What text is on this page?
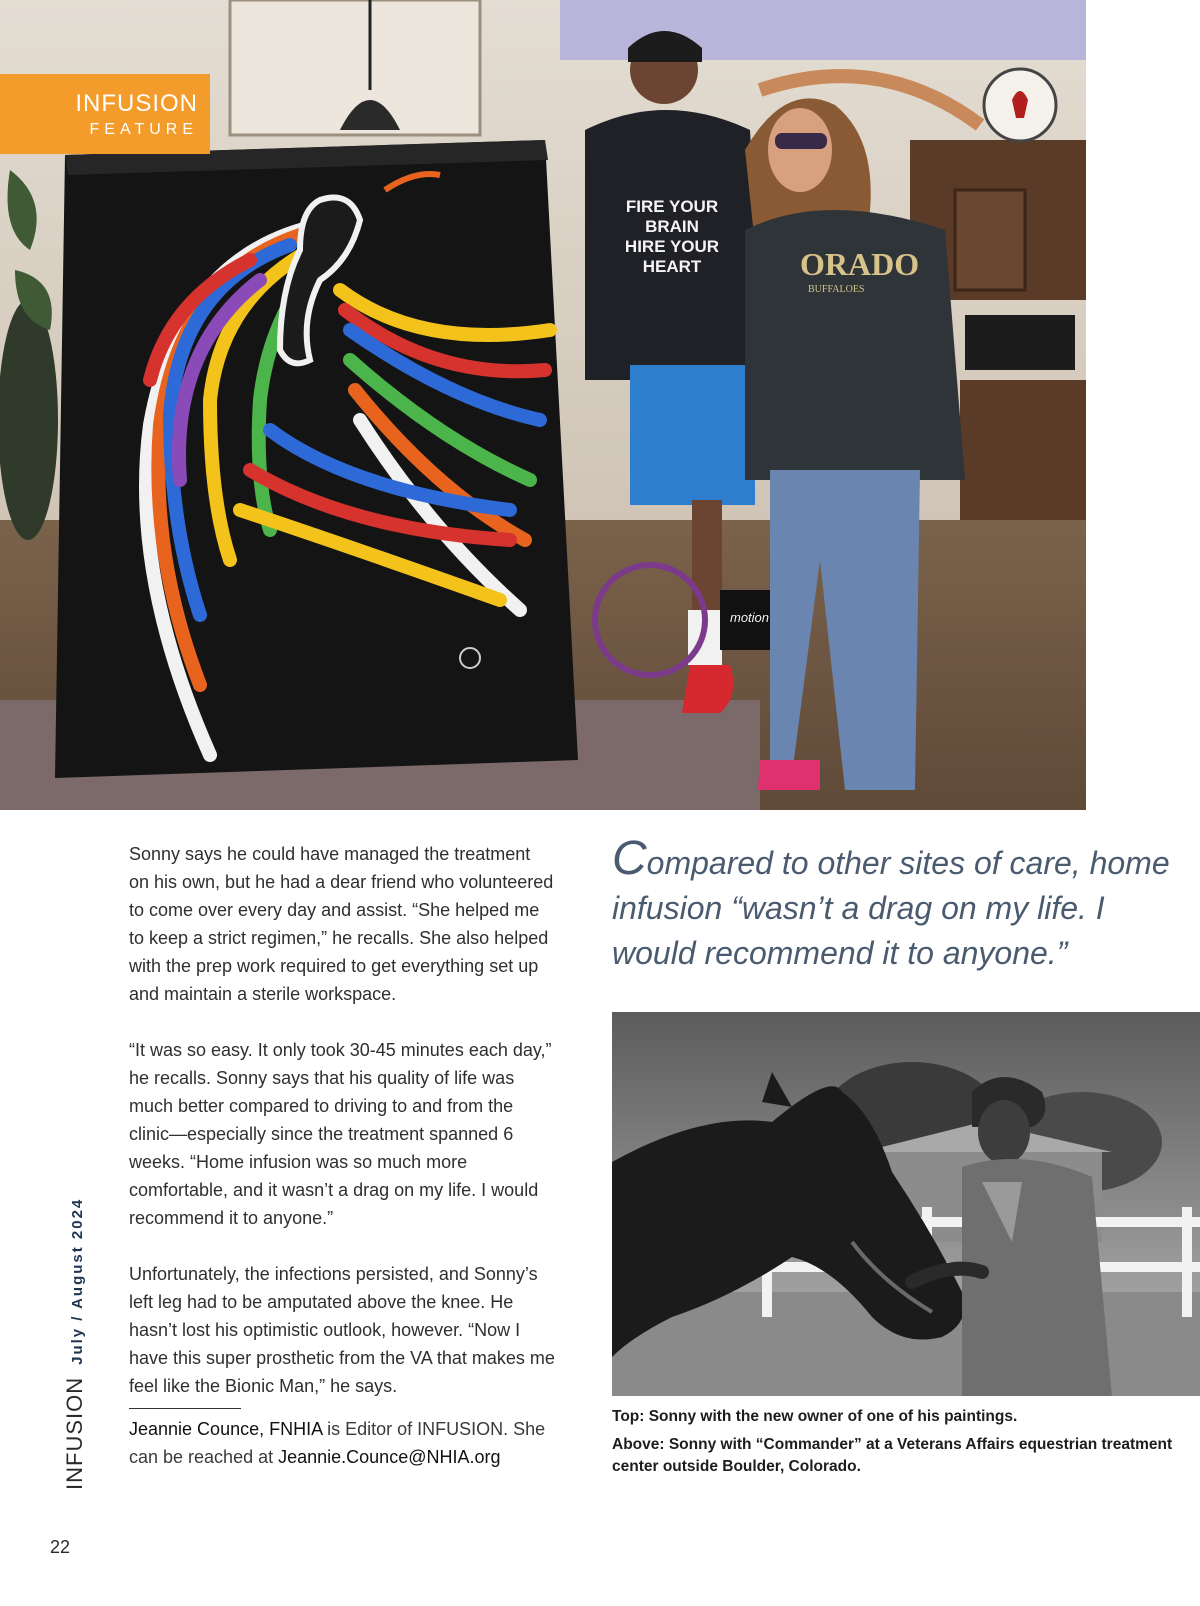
motion
FIRE YOUR
BRAIN
HIRE YOUR
HEART	ORADO
BUFFALOES
INFUSION
FEATURE

Sonny says he could have managed the treatment on his own, but he had a dear friend who volunteered to come over every day and assist. “She helped me to keep a strict regimen,” he recalls. She also helped with the prep work required to get everything set up and maintain a sterile workspace.

“It was so easy. It only took 30-45 minutes each day,” he recalls. Sonny says that his quality of life was much better compared to driving to and from the clinic—especially since the treatment spanned 6 weeks. “Home infusion was so much more comfortable, and it wasn’t a drag on my life. I would recommend it to anyone.”

Unfortunately, the infections persisted, and Sonny’s left leg had to be amputated above the knee. He hasn’t lost his optimistic outlook, however. “Now I have this super prosthetic from the VA that makes me feel like the Bionic Man,” he says.

Jeannie Counce, FNHIA is Editor of INFUSION. She can be reached at Jeannie.Counce@NHIA.org
Compared to other sites of care, home infusion “wasn’t a drag on my life. I would recommend it to anyone.”

Top: Sonny with the new owner of one of his paintings.

Above: Sonny with “Commander” at a Veterans Affairs equestrian treatment center outside Boulder, Colorado.

INFUSION
July / August 2024
22
